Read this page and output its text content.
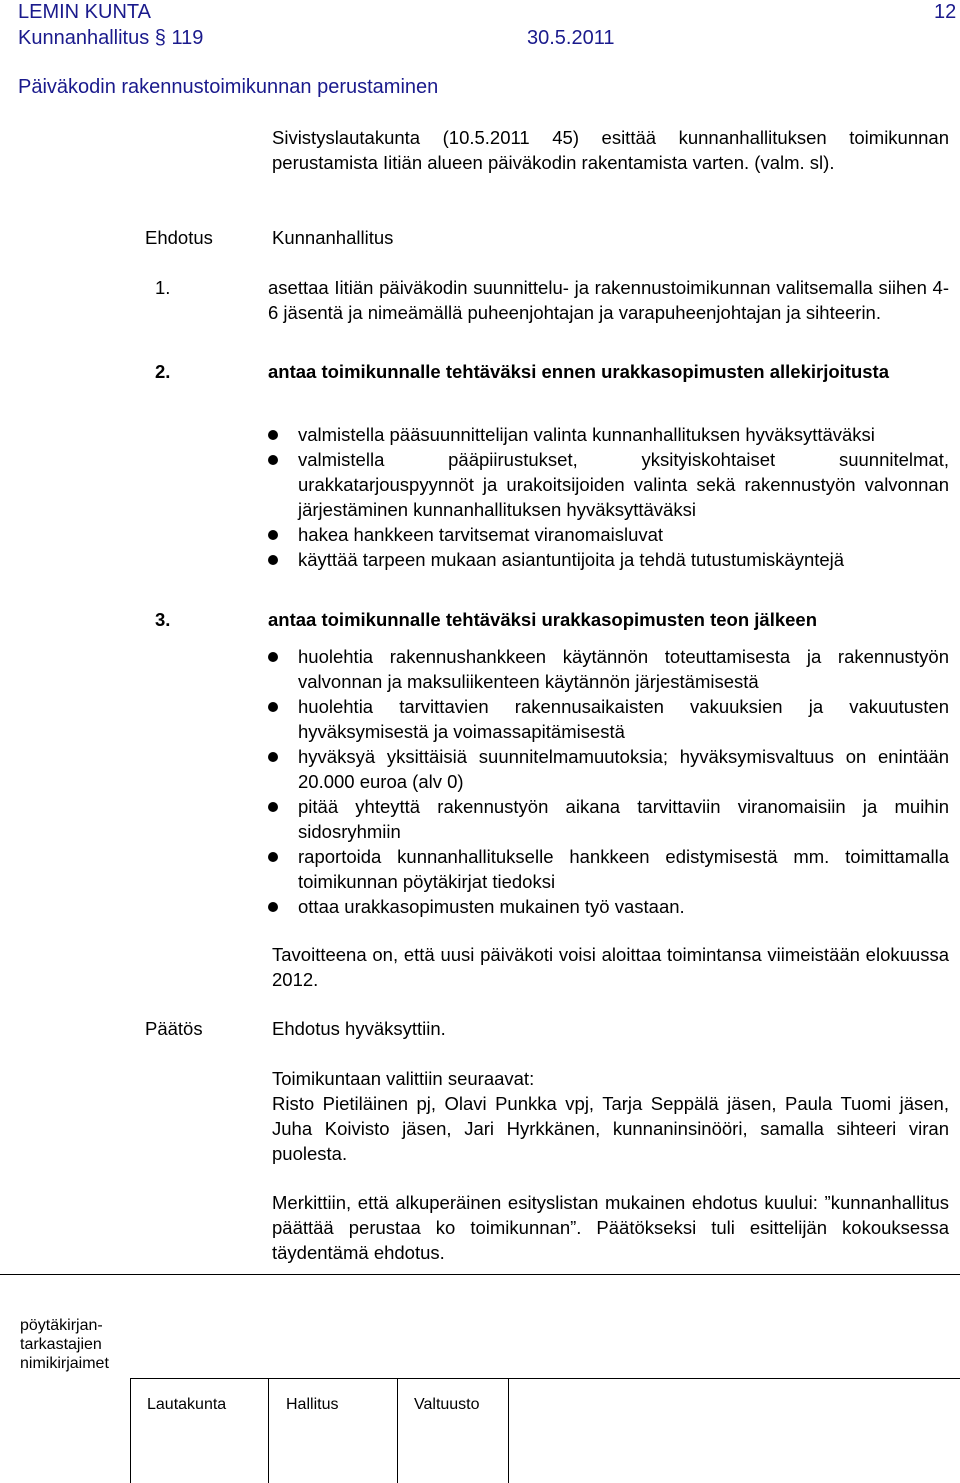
LEMIN KUNTA	12
Kunnanhallitus § 119	30.5.2011
Päiväkodin rakennustoimikunnan perustaminen
Sivistyslautakunta (10.5.2011 45) esittää kunnanhallituksen toimikunnan perustamista Iitiän alueen päiväkodin rakentamista varten. (valm. sl).
Ehdotus	Kunnanhallitus
1.	asettaa Iitiän päiväkodin suunnittelu- ja rakennustoimikunnan valitsemalla siihen 4-6 jäsentä ja nimeämällä puheenjohtajan ja varapuheenjohtajan ja sihteerin.
2.	antaa toimikunnalle tehtäväksi ennen urakkasopimusten allekirjoitusta
valmistella pääsuunnittelijan valinta kunnanhallituksen hyväksyttäväksi
valmistella pääpiirustukset, yksityiskohtaiset suunnitelmat, urakkatarjouspyynnöt ja urakoitsijoiden valinta sekä rakennustyön valvonnan järjestäminen kunnanhallituksen hyväksyttäväksi
hakea hankkeen tarvitsemat viranomaisluvat
käyttää tarpeen mukaan asiantuntijoita ja tehdä tutustumiskäyntejä
3.	antaa toimikunnalle tehtäväksi urakkasopimusten teon jälkeen
huolehtia rakennushankkeen käytännön toteuttamisesta ja rakennustyön valvonnan ja maksuliikenteen käytännön järjestämisestä
huolehtia tarvittavien rakennusaikaisten vakuuksien ja vakuutusten hyväksymisestä ja voimassapitämisestä
hyväksyä yksittäisiä suunnitelmamuutoksia; hyväksymisvaltuus on enintään 20.000 euroa (alv 0)
pitää yhteyttä rakennustyön aikana tarvittaviin viranomaisiin ja muihin sidosryhmiin
raportoida kunnanhallitukselle hankkeen edistymisestä mm. toimittamalla toimikunnan pöytäkirjat tiedoksi
ottaa urakkasopimusten mukainen työ vastaan.
Tavoitteena on, että uusi päiväkoti voisi aloittaa toimintansa viimeistään elokuussa 2012.
Päätös	Ehdotus hyväksyttiin.
Toimikuntaan valittiin seuraavat:
Risto Pietiläinen pj, Olavi Punkka vpj, Tarja Seppälä jäsen, Paula Tuomi jäsen, Juha Koivisto jäsen, Jari Hyrkkänen, kunnaninsinööri, samalla sihteeri viran puolesta.
Merkittiin, että alkuperäinen esityslistan mukainen ehdotus kuului: ”kunnanhallitus päättää perustaa ko toimikunnan”. Päätökseksi tuli esittelijän kokouksessa täydentämä ehdotus.
pöytäkirjan-
tarkastajien
nimikirjaimet
Lautakunta	Hallitus	Valtuusto
